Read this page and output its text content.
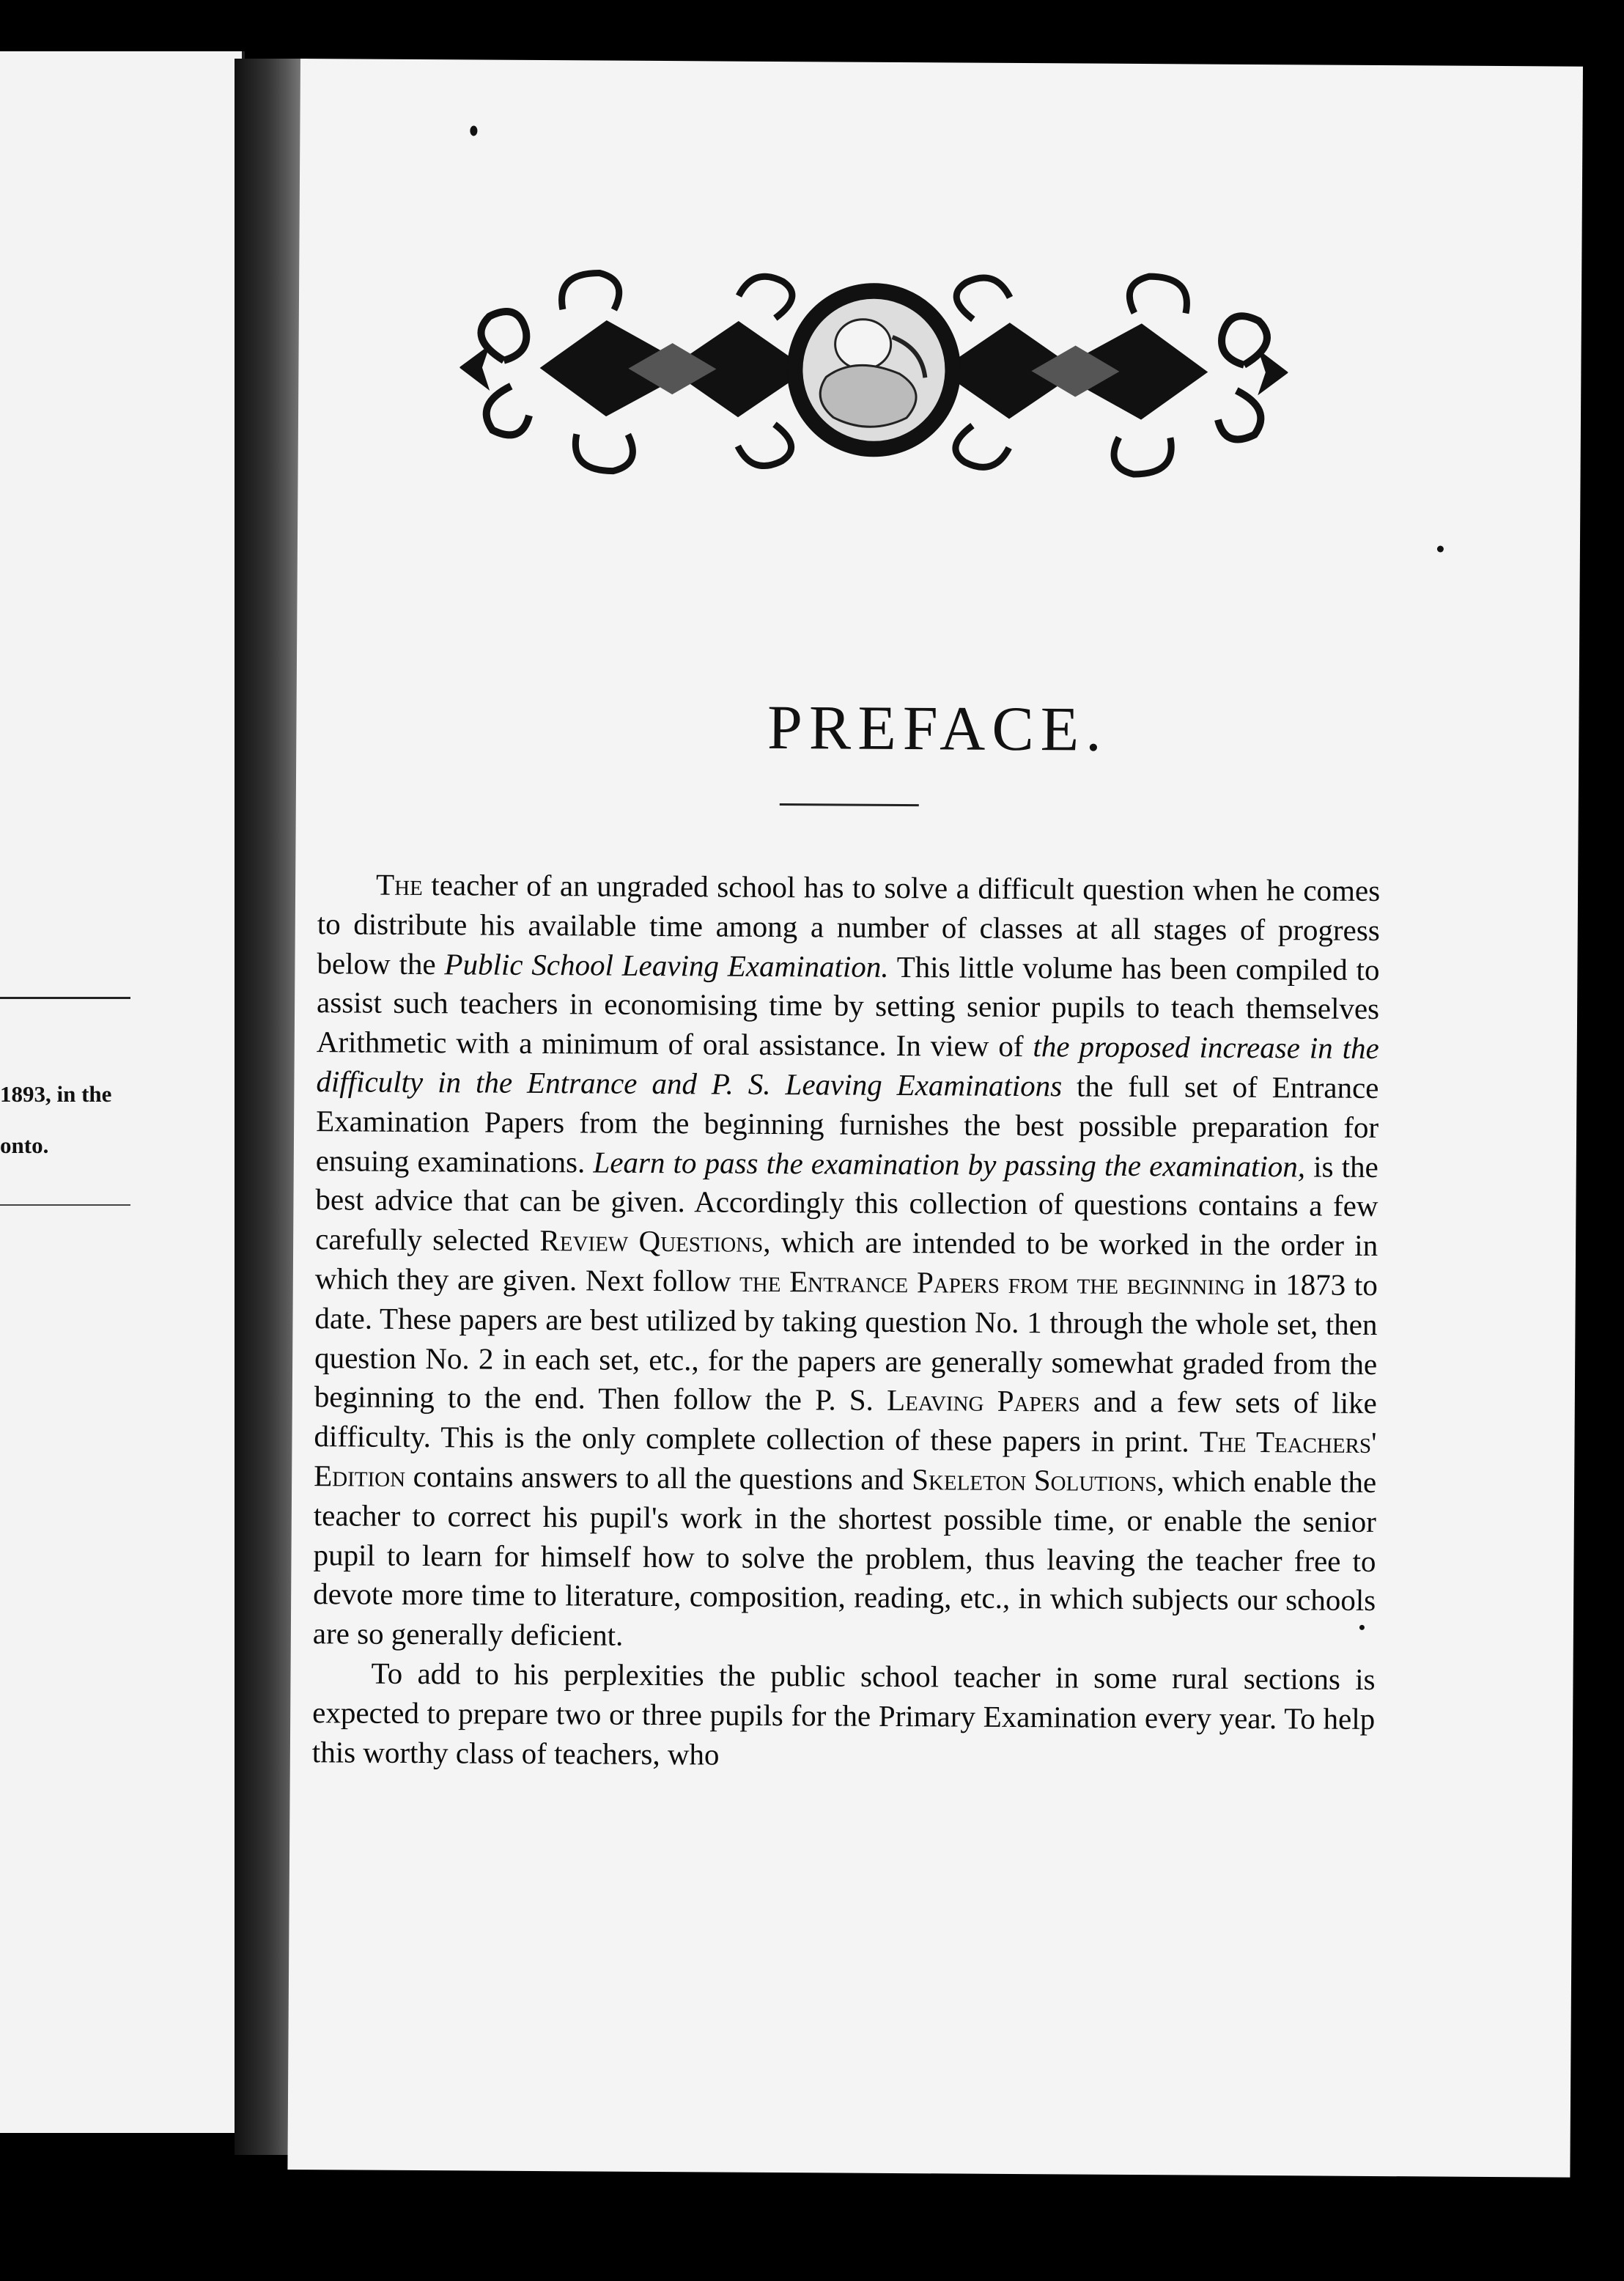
1893, in the
onto.
PREFACE.

The teacher of an ungraded school has to solve a difficult question when he comes to distribute his available time among a number of classes at all stages of progress below the Public School Leaving Examination. This little volume has been compiled to assist such teachers in economising time by setting senior pupils to teach themselves Arithmetic with a minimum of oral assistance. In view of the proposed increase in the difficulty in the Entrance and P. S. Leaving Examinations the full set of Entrance Examination Papers from the beginning furnishes the best possible preparation for ensuing examinations. Learn to pass the examination by passing the examination, is the best advice that can be given. Accordingly this collection of questions contains a few carefully selected Review Questions, which are intended to be worked in the order in which they are given. Next follow the Entrance Papers from the beginning in 1873 to date. These papers are best utilized by taking question No. 1 through the whole set, then question No. 2 in each set, etc., for the papers are generally somewhat graded from the beginning to the end. Then follow the P. S. Leaving Papers and a few sets of like difficulty. This is the only complete collection of these papers in print. The Teachers' Edition contains answers to all the questions and Skeleton Solutions, which enable the teacher to correct his pupil's work in the shortest possible time, or enable the senior pupil to learn for himself how to solve the problem, thus leaving the teacher free to devote more time to literature, composition, reading, etc., in which subjects our schools are so generally deficient.

To add to his perplexities the public school teacher in some rural sections is expected to prepare two or three pupils for the Primary Examination every year. To help this worthy class of teachers, who
